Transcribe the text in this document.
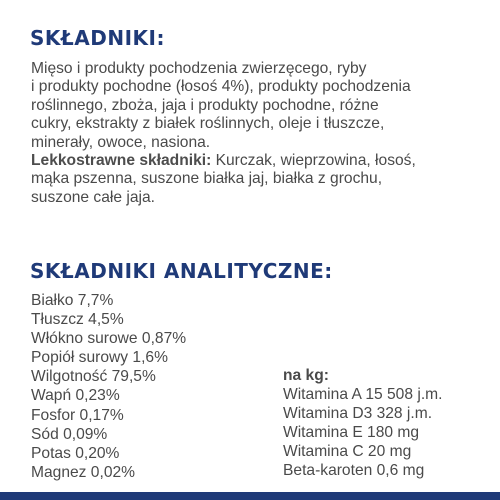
SKŁADNIKI:
Mięso i produkty pochodzenia zwierzęcego, ryby
i produkty pochodne (łosoś 4%), produkty pochodzenia
roślinnego, zboża, jaja i produkty pochodne, różne
cukry, ekstrakty z białek roślinnych, oleje i tłuszcze,
minerały, owoce, nasiona.
Lekkostrawne składniki: Kurczak, wieprzowina, łosoś,
mąka pszenna, suszone białka jaj, białka z grochu,
suszone całe jaja.
SKŁADNIKI ANALITYCZNE:
Białko 7,7%
Tłuszcz 4,5%
Włókno surowe 0,87%
Popiół surowy 1,6%
Wilgotność 79,5%
Wapń 0,23%
Fosfor 0,17%
Sód 0,09%
Potas 0,20%
Magnez 0,02%
na kg:
Witamina A 15 508 j.m.
Witamina D3 328 j.m.
Witamina E 180 mg
Witamina C 20 mg
Beta-karoten 0,6 mg
